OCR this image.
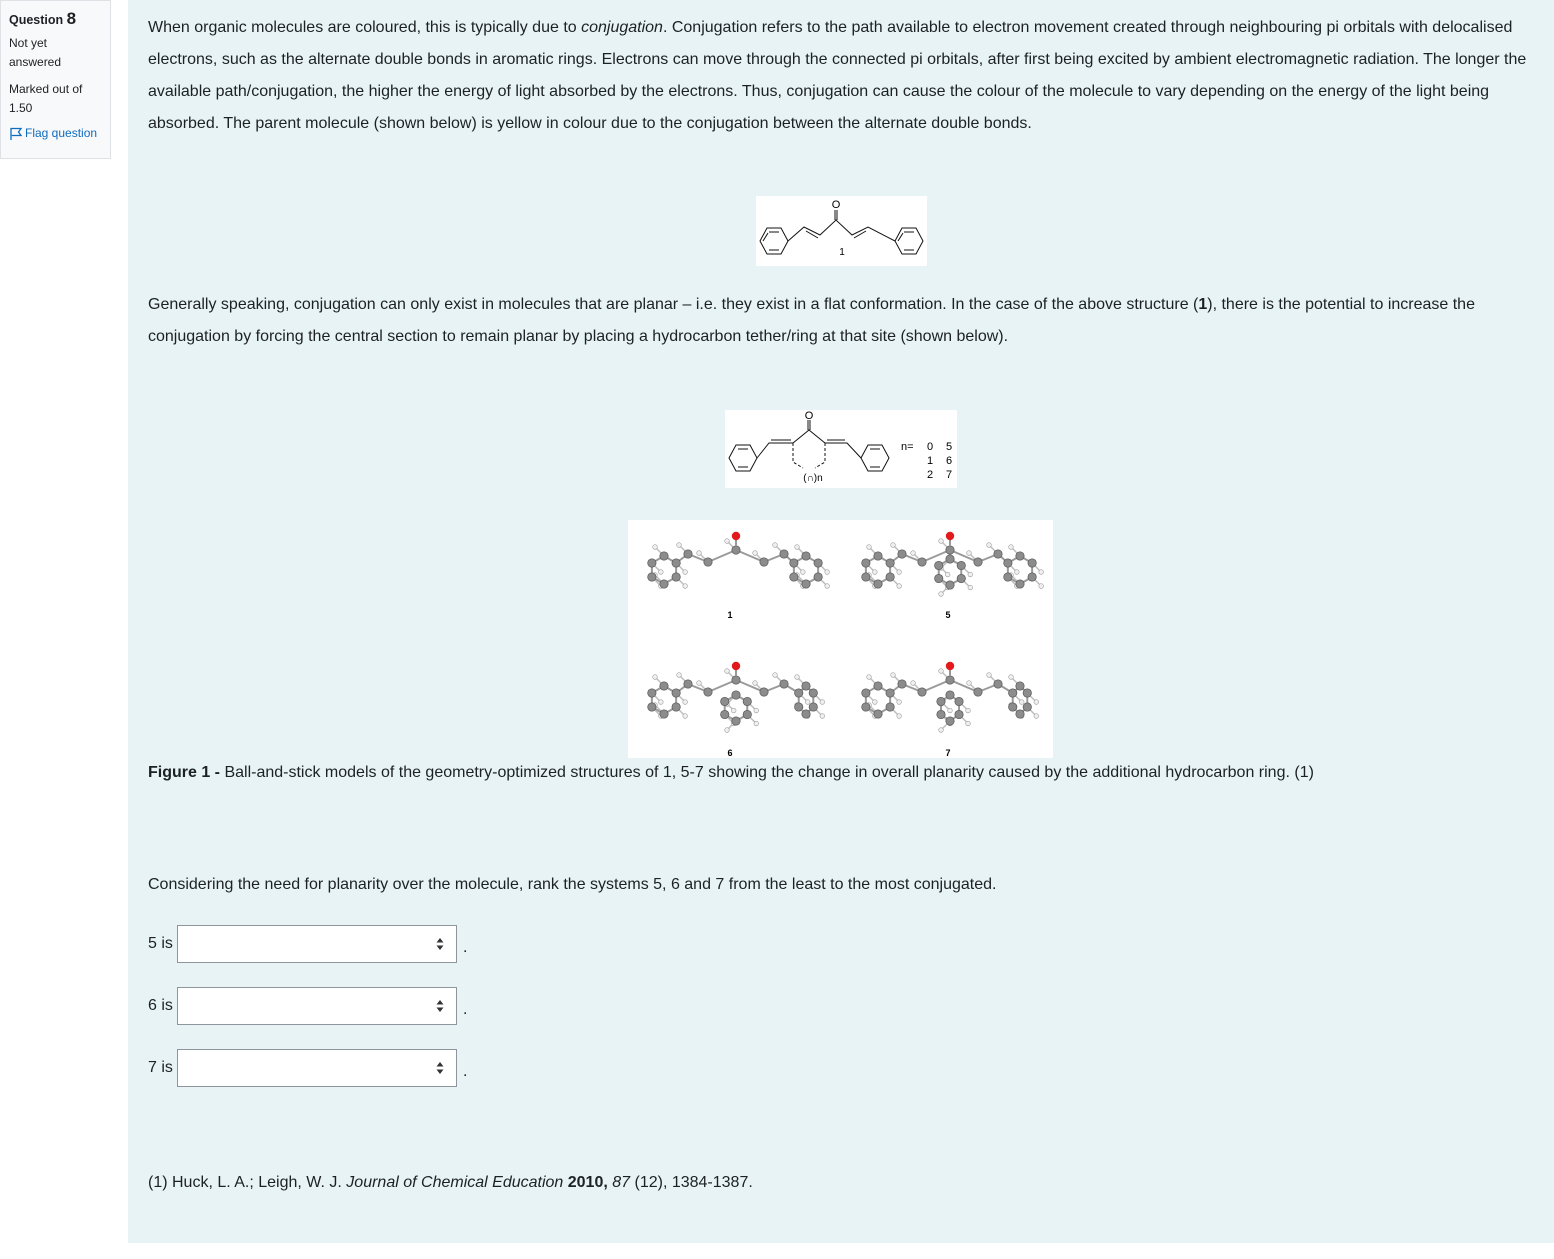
Question 8
Not yet answered
Marked out of 1.50
Flag question

When organic molecules are coloured, this is typically due to conjugation. Conjugation refers to the path available to electron movement created through neighbouring pi orbitals with delocalised electrons, such as the alternate double bonds in aromatic rings. Electrons can move through the connected pi orbitals, after first being excited by ambient electromagnetic radiation. The longer the available path/conjugation, the higher the energy of light absorbed by the electrons. Thus, conjugation can cause the colour of the molecule to vary depending on the energy of the light being absorbed. The parent molecule (shown below) is yellow in colour due to the conjugation between the alternate double bonds.

O
1

Generally speaking, conjugation can only exist in molecules that are planar – i.e. they exist in a flat conformation. In the case of the above structure (1), there is the potential to increase the conjugation by forcing the central section to remain planar by placing a hydrocarbon tether/ring at that site (shown below).

O
(∩)n
n= 0 5
1 6
2 7
1	5
6	7
Figure 1 - Ball-and-stick models of the geometry-optimized structures of 1, 5-7 showing the change in overall planarity caused by the additional hydrocarbon ring. (1)
Considering the need for planarity over the molecule, rank the systems 5, 6 and 7 from the least to the most conjugated.
5 is	.
6 is	.
7 is	.
(1) Huck, L. A.; Leigh, W. J. Journal of Chemical Education 2010, 87 (12), 1384-1387.
